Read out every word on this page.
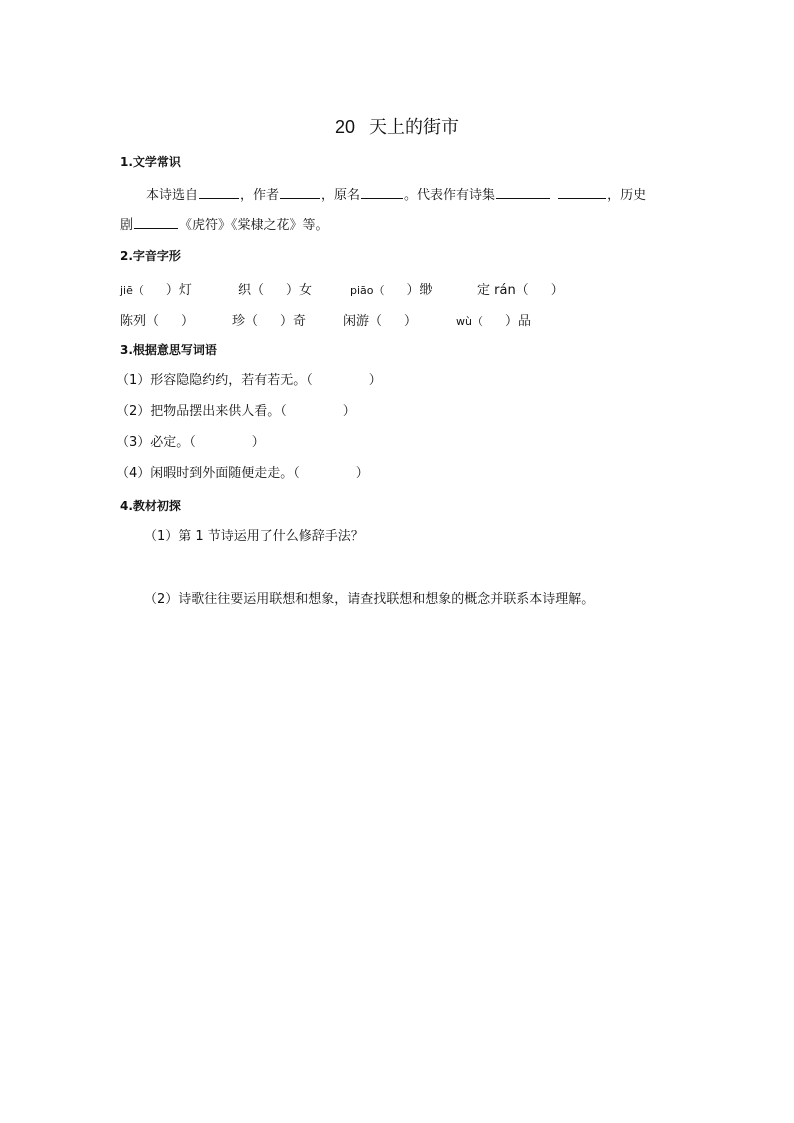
20 天上的街市
1.文学常识
本诗选自	，作者	，原名	。代表作有诗集	，历史
剧	《虎符》《棠棣之花》等。
2.字音字形
jiē（ ）灯	织（ ）女	piāo（ ）缈	定 rán（ ）
陈列（ ）	珍（ ）奇	闲游（ ）	wù（ ）品
3.根据意思写词语
（1）形容隐隐约约，若有若无。（	）
（2）把物品摆出来供人看。（	）
（3）必定。（	）
（4）闲暇时到外面随便走走。（	）
4.教材初探
（1）第 1 节诗运用了什么修辞手法？
（2）诗歌往往要运用联想和想象，请查找联想和想象的概念并联系本诗理解。
